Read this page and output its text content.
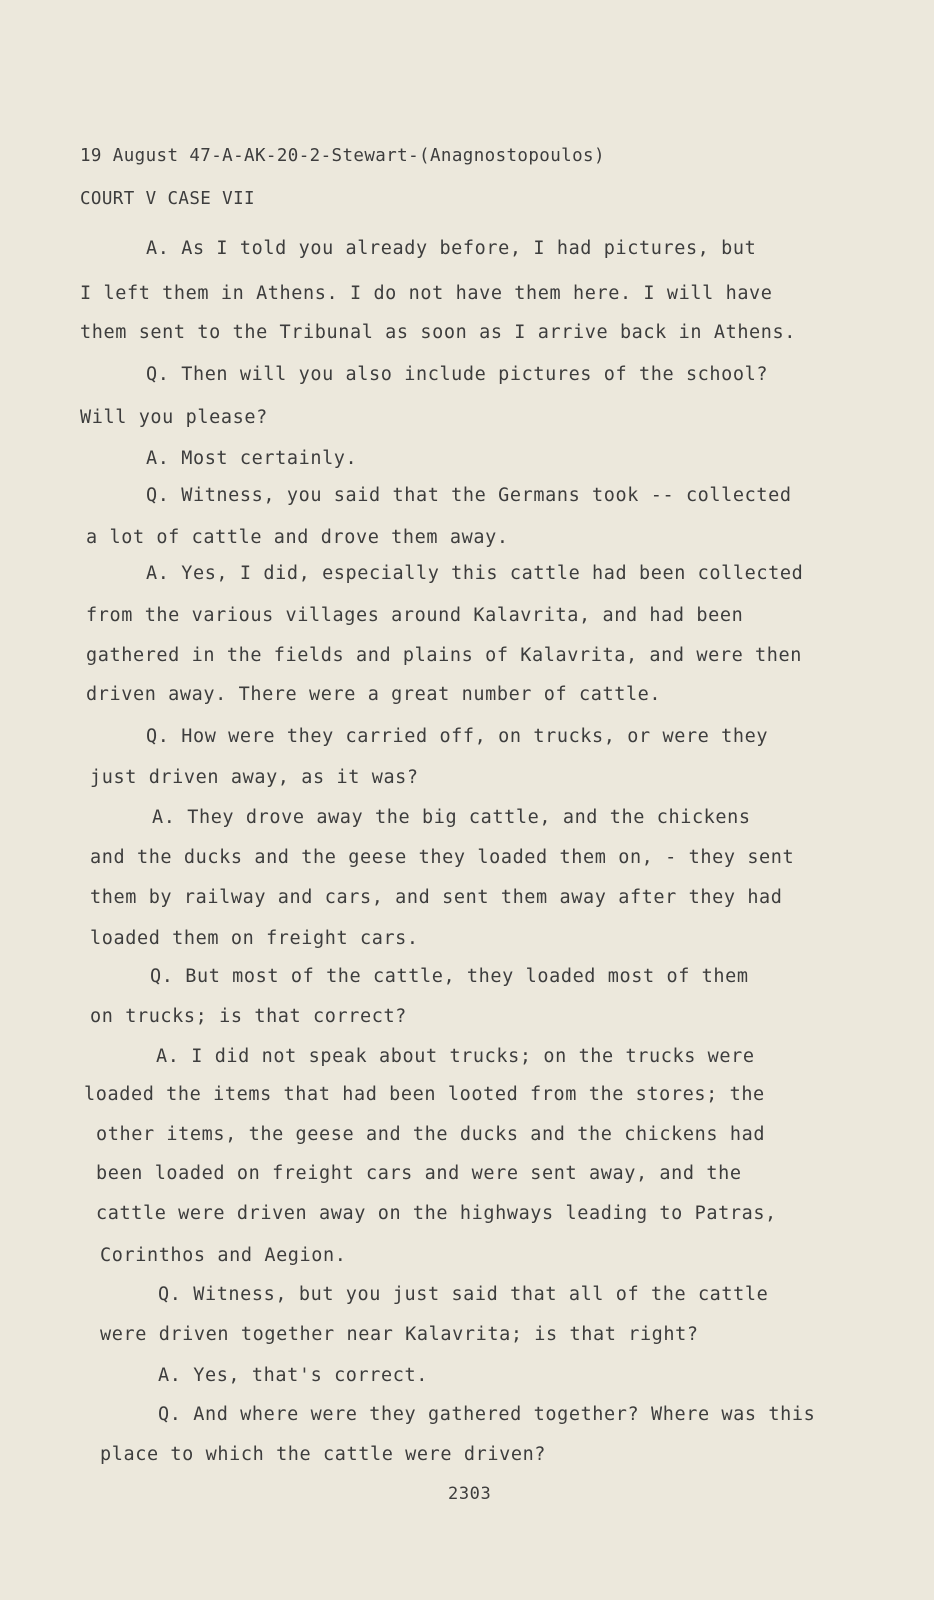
19 August 47-A-AK-20-2-Stewart-(Anagnostopoulos)
COURT V CASE VII
A. As I told you already before, I had pictures, but
I left them in Athens. I do not have them here. I will have
them sent to the Tribunal as soon as I arrive back in Athens.
Q. Then will you also include pictures of the school?
Will you please?
A. Most certainly.
Q. Witness, you said that the Germans took -- collected
a lot of cattle and drove them away.
A. Yes, I did, especially this cattle had been collected
from the various villages around Kalavrita, and had been
gathered in the fields and plains of Kalavrita, and were then
driven away. There were a great number of cattle.
Q. How were they carried off, on trucks, or were they
just driven away, as it was?
A. They drove away the big cattle, and the chickens
and the ducks and the geese they loaded them on, - they sent
them by railway and cars, and sent them away after they had
loaded them on freight cars.
Q. But most of the cattle, they loaded most of them
on trucks; is that correct?
A. I did not speak about trucks; on the trucks were
loaded the items that had been looted from the stores; the
other items, the geese and the ducks and the chickens had
been loaded on freight cars and were sent away, and the
cattle were driven away on the highways leading to Patras,
Corinthos and Aegion.
Q. Witness, but you just said that all of the cattle
were driven together near Kalavrita; is that right?
A. Yes, that's correct.
Q. And where were they gathered together? Where was this
place to which the cattle were driven?
2303
